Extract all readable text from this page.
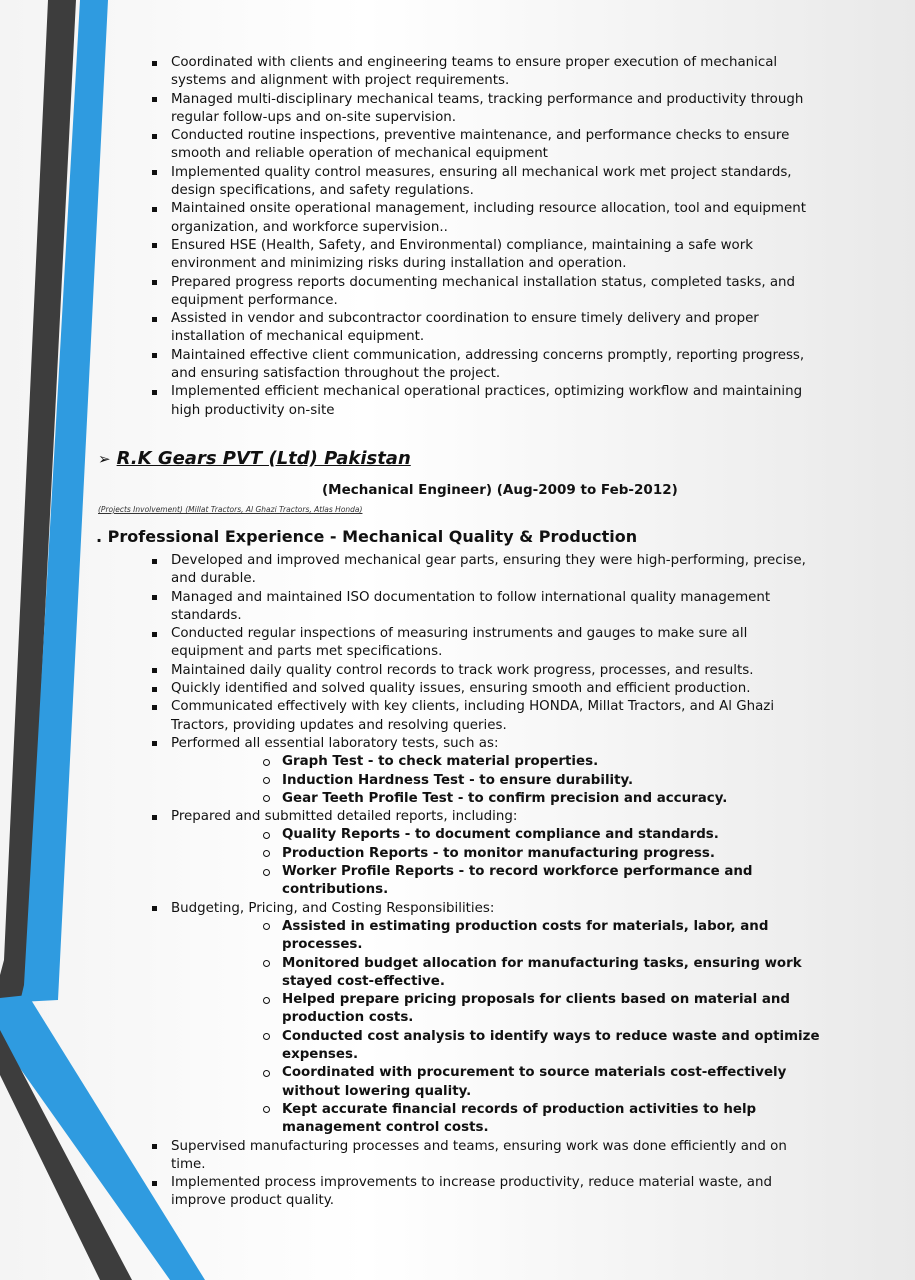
Coordinated with clients and engineering teams to ensure proper execution of mechanical systems and alignment with project requirements.
Managed multi-disciplinary mechanical teams, tracking performance and productivity through regular follow-ups and on-site supervision.
Conducted routine inspections, preventive maintenance, and performance checks to ensure smooth and reliable operation of mechanical equipment
Implemented quality control measures, ensuring all mechanical work met project standards, design specifications, and safety regulations.
Maintained onsite operational management, including resource allocation, tool and equipment organization, and workforce supervision..
Ensured HSE (Health, Safety, and Environmental) compliance, maintaining a safe work environment and minimizing risks during installation and operation.
Prepared progress reports documenting mechanical installation status, completed tasks, and equipment performance.
Assisted in vendor and subcontractor coordination to ensure timely delivery and proper installation of mechanical equipment.
Maintained effective client communication, addressing concerns promptly, reporting progress, and ensuring satisfaction throughout the project.
Implemented efficient mechanical operational practices, optimizing workflow and maintaining high productivity on-site
➢ R.K Gears PVT (Ltd) Pakistan
(Mechanical Engineer) (Aug-2009 to Feb-2012)
(Projects Involvement) (Millat Tractors, Al Ghazi Tractors, Atlas Honda)
. Professional Experience - Mechanical Quality & Production
Developed and improved mechanical gear parts, ensuring they were high-performing, precise, and durable.
Managed and maintained ISO documentation to follow international quality management standards.
Conducted regular inspections of measuring instruments and gauges to make sure all equipment and parts met specifications.
Maintained daily quality control records to track work progress, processes, and results.
Quickly identified and solved quality issues, ensuring smooth and efficient production.
Communicated effectively with key clients, including HONDA, Millat Tractors, and Al Ghazi Tractors, providing updates and resolving queries.
Performed all essential laboratory tests, such as:
Graph Test - to check material properties.
Induction Hardness Test - to ensure durability.
Gear Teeth Profile Test - to confirm precision and accuracy.
Prepared and submitted detailed reports, including:
Quality Reports - to document compliance and standards.
Production Reports - to monitor manufacturing progress.
Worker Profile Reports - to record workforce performance and contributions.
Budgeting, Pricing, and Costing Responsibilities:
Assisted in estimating production costs for materials, labor, and processes.
Monitored budget allocation for manufacturing tasks, ensuring work stayed cost-effective.
Helped prepare pricing proposals for clients based on material and production costs.
Conducted cost analysis to identify ways to reduce waste and optimize expenses.
Coordinated with procurement to source materials cost-effectively without lowering quality.
Kept accurate financial records of production activities to help management control costs.
Supervised manufacturing processes and teams, ensuring work was done efficiently and on time.
Implemented process improvements to increase productivity, reduce material waste, and improve product quality.
